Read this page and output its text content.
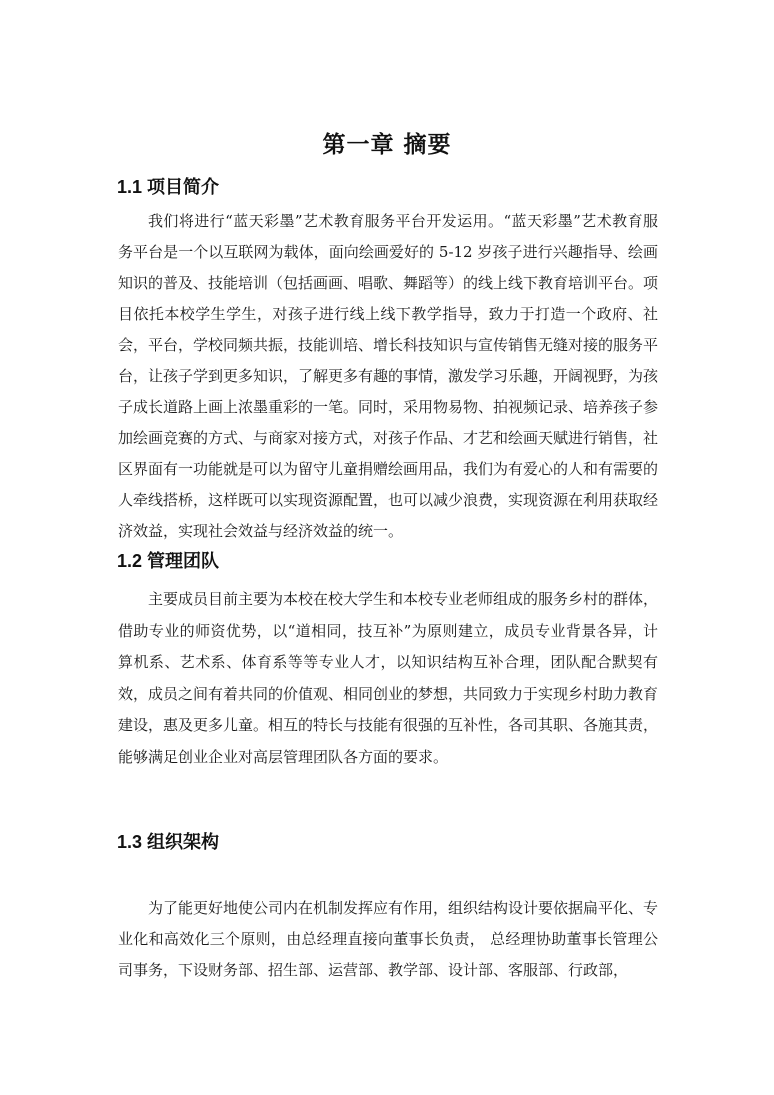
第一章 摘要
1.1 项目简介

我们将进行“蓝天彩墨”艺术教育服务平台开发运用。“蓝天彩墨”艺术教育服务平台是一个以互联网为载体，面向绘画爱好的 5-12 岁孩子进行兴趣指导、绘画知识的普及、技能培训（包括画画、唱歌、舞蹈等）的线上线下教育培训平台。项目依托本校学生学生，对孩子进行线上线下教学指导，致力于打造一个政府、社会，平台，学校同频共振，技能训培、增长科技知识与宣传销售无缝对接的服务平台，让孩子学到更多知识，了解更多有趣的事情，激发学习乐趣，开阔视野，为孩子成长道路上画上浓墨重彩的一笔。同时，采用物易物、拍视频记录、培养孩子参加绘画竞赛的方式、与商家对接方式，对孩子作品、才艺和绘画天赋进行销售，社区界面有一功能就是可以为留守儿童捐赠绘画用品，我们为有爱心的人和有需要的人牵线搭桥，这样既可以实现资源配置，也可以减少浪费，实现资源在利用获取经济效益，实现社会效益与经济效益的统一。

1.2 管理团队

主要成员目前主要为本校在校大学生和本校专业老师组成的服务乡村的群体，借助专业的师资优势，以“道相同，技互补”为原则建立，成员专业背景各异，计算机系、艺术系、体育系等等专业人才，以知识结构互补合理，团队配合默契有效，成员之间有着共同的价值观、相同创业的梦想，共同致力于实现乡村助力教育建设，惠及更多儿童。相互的特长与技能有很强的互补性，各司其职、各施其责，能够满足创业企业对高层管理团队各方面的要求。

1.3 组织架构

为了能更好地使公司内在机制发挥应有作用，组织结构设计要依据扁平化、专业化和高效化三个原则，由总经理直接向董事长负责， 总经理协助董事长管理公司事务，下设财务部、招生部、运营部、教学部、设计部、客服部、行政部，
